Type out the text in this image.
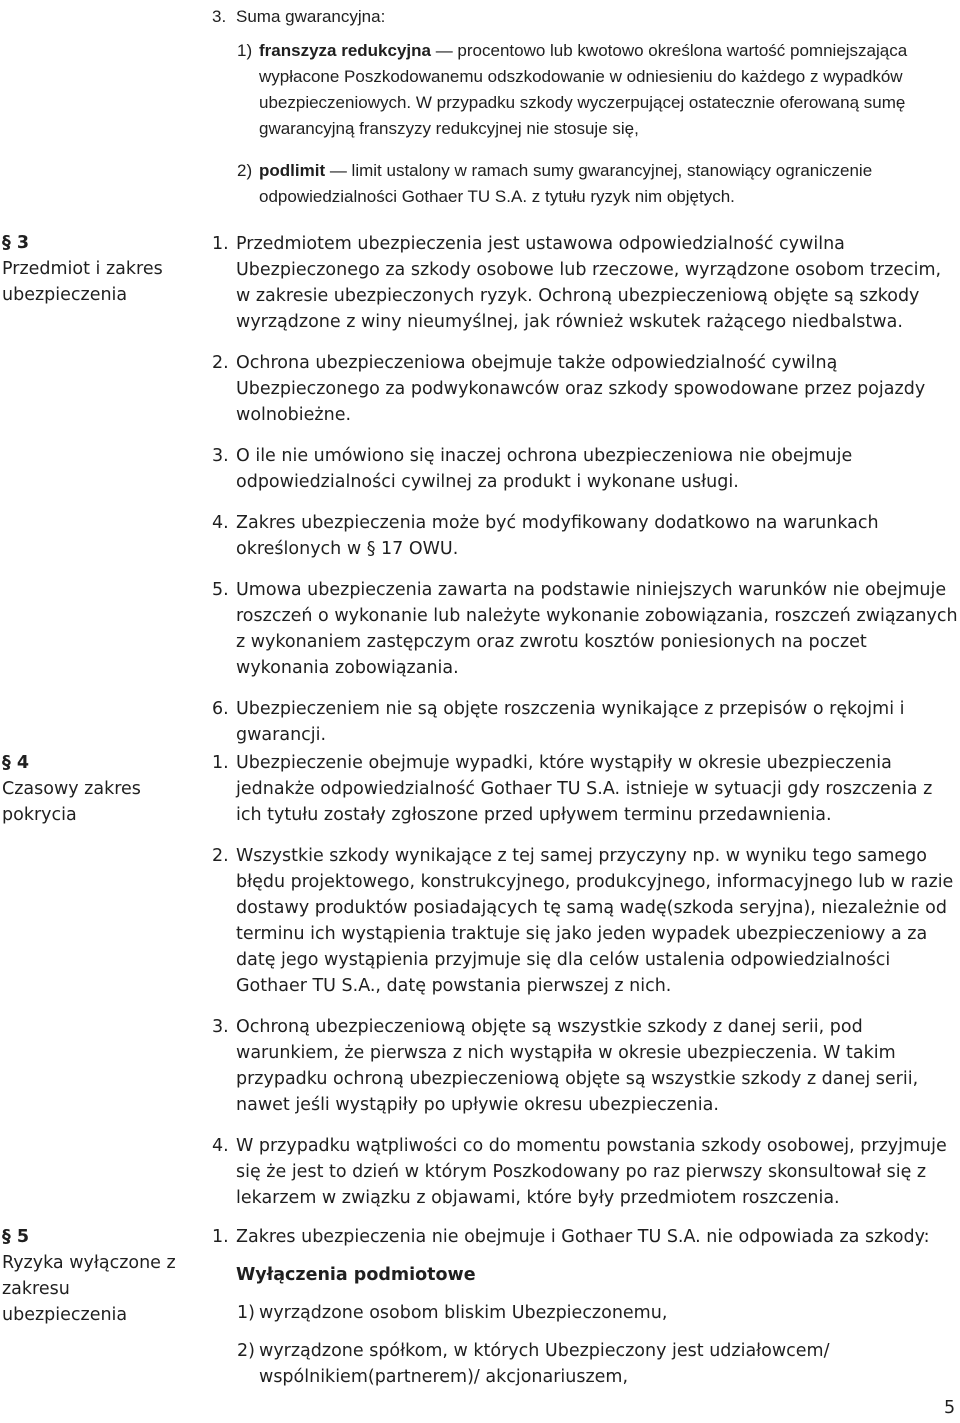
3. Suma gwarancyjna:
1) franszyza redukcyjna — procentowo lub kwotowo określona wartość pomniejszająca wypłacone Poszkodowanemu odszkodowanie w odniesieniu do każdego z wypadków ubezpieczeniowych. W przypadku szkody wyczerpującej ostatecznie oferowaną sumę gwarancyjną franszyzy redukcyjnej nie stosuje się,
2) podlimit — limit ustalony w ramach sumy gwarancyjnej, stanowiący ograniczenie odpowiedzialności Gothaer TU S.A. z tytułu ryzyk nim objętych.
§ 3
Przedmiot i zakres ubezpieczenia
1. Przedmiotem ubezpieczenia jest ustawowa odpowiedzialność cywilna Ubezpieczonego za szkody osobowe lub rzeczowe, wyrządzone osobom trzecim, w zakresie ubezpieczonych ryzyk. Ochroną ubezpieczeniową objęte są szkody wyrządzone z winy nieumyślnej, jak również wskutek rażącego niedbalstwa.
2. Ochrona ubezpieczeniowa obejmuje także odpowiedzialność cywilną Ubezpieczonego za podwykonawców oraz szkody spowodowane przez pojazdy wolnobieżne.
3. O ile nie umówiono się inaczej ochrona ubezpieczeniowa nie obejmuje odpowiedzialności cywilnej za produkt i wykonane usługi.
4. Zakres ubezpieczenia może być modyfikowany dodatkowo na warunkach określonych w § 17 OWU.
5. Umowa ubezpieczenia zawarta na podstawie niniejszych warunków nie obejmuje roszczeń o wykonanie lub należyte wykonanie zobowiązania, roszczeń związanych z wykonaniem zastępczym oraz zwrotu kosztów poniesionych na poczet wykonania zobowiązania.
6. Ubezpieczeniem nie są objęte roszczenia wynikające z przepisów o rękojmi i gwarancji.
§ 4
Czasowy zakres pokrycia
1. Ubezpieczenie obejmuje wypadki, które wystąpiły w okresie ubezpieczenia jednakże odpowiedzialność Gothaer TU S.A. istnieje w sytuacji gdy roszczenia z ich tytułu zostały zgłoszone przed upływem terminu przedawnienia.
2. Wszystkie szkody wynikające z tej samej przyczyny np. w wyniku tego samego błędu projektowego, konstrukcyjnego, produkcyjnego, informacyjnego lub w razie dostawy produktów posiadających tę samą wadę(szkoda seryjna), niezależnie od terminu ich wystąpienia traktuje się jako jeden wypadek ubezpieczeniowy a za datę jego wystąpienia przyjmuje się dla celów ustalenia odpowiedzialności Gothaer TU S.A., datę powstania pierwszej z nich.
3. Ochroną ubezpieczeniową objęte są wszystkie szkody z danej serii, pod warunkiem, że pierwsza z nich wystąpiła w okresie ubezpieczenia. W takim przypadku ochroną ubezpieczeniową objęte są wszystkie szkody z danej serii, nawet jeśli wystąpiły po upływie okresu ubezpieczenia.
4. W przypadku wątpliwości co do momentu powstania szkody osobowej, przyjmuje się że jest to dzień w którym Poszkodowany po raz pierwszy skonsultował się z lekarzem w związku z objawami, które były przedmiotem roszczenia.
§ 5
Ryzyka wyłączone z zakresu ubezpieczenia
1. Zakres ubezpieczenia nie obejmuje i Gothaer TU S.A. nie odpowiada za szkody:
Wyłączenia podmiotowe
1) wyrządzone osobom bliskim Ubezpieczonemu,
2) wyrządzone spółkom, w których Ubezpieczony jest udziałowcem/ wspólnikiem(partnerem)/ akcjonariuszem,
5
